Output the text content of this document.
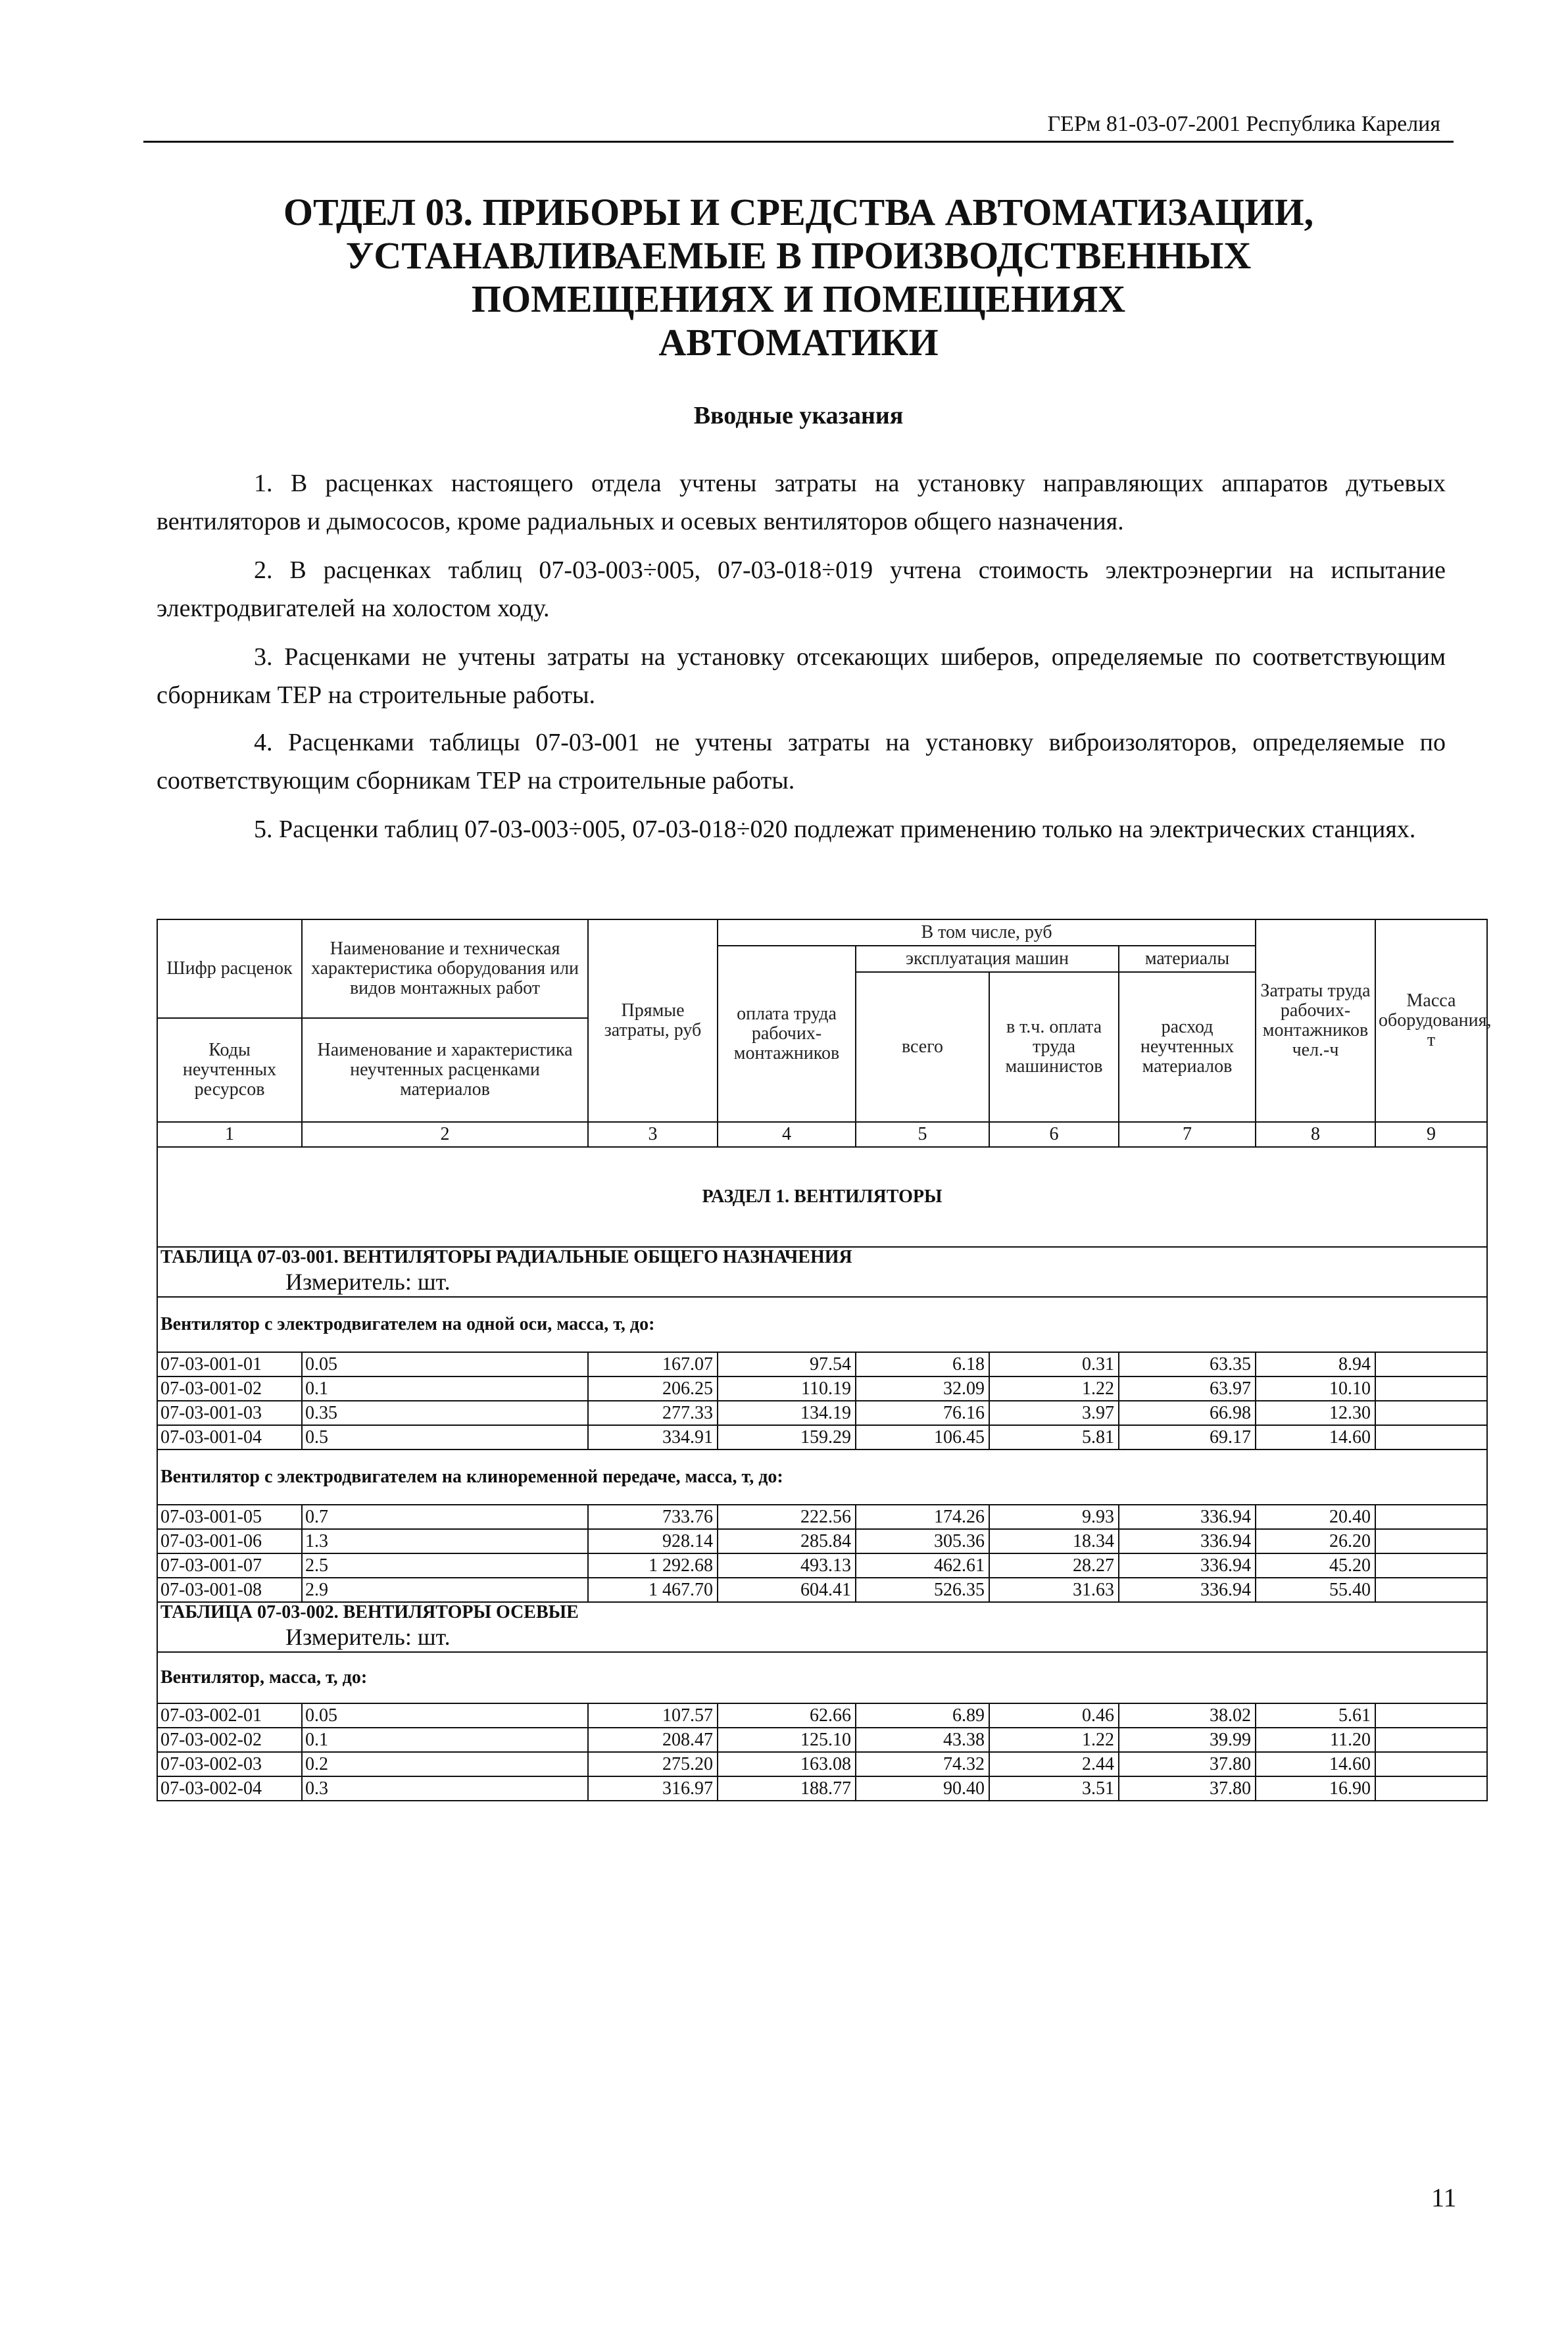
ГЕРм 81-03-07-2001 Республика Карелия
ОТДЕЛ 03. ПРИБОРЫ И СРЕДСТВА АВТОМАТИЗАЦИИ,
УСТАНАВЛИВАЕМЫЕ В ПРОИЗВОДСТВЕННЫХ
ПОМЕЩЕНИЯХ И ПОМЕЩЕНИЯХ
АВТОМАТИКИ
Вводные указания
1. В расценках настоящего отдела учтены затраты на установку направляющих аппаратов дутьевых вентиляторов и дымососов, кроме радиальных и осевых вентиляторов общего назначения.
2. В расценках таблиц 07-03-003÷005, 07-03-018÷019 учтена стоимость электроэнергии на испытание электродвигателей на холостом ходу.
3. Расценками не учтены затраты на установку отсекающих шиберов, определяемые по соответствующим сборникам ТЕР на строительные работы.
4. Расценками таблицы 07-03-001 не учтены затраты на установку виброизоляторов, определяемые по соответствующим сборникам ТЕР на строительные работы.
5. Расценки таблиц 07-03-003÷005, 07-03-018÷020 подлежат применению только на электрических станциях.
Шифр расценок	Наименование и техническая характеристика оборудования или видов монтажных работ	Прямые затраты, руб	В том числе, руб				Затраты труда рабочих-монтажников чел.-ч	Масса оборудования, т
			оплата труда рабочих-монтажников	эксплуатация машин		материалы		
				всего	в т.ч. оплата труда машинистов	расход неучтенных материалов		
Коды неучтенных ресурсов	Наименование и характеристика неучтенных расценками материалов							

1	2	3	4	5	6	7	8	9
РАЗДЕЛ 1. ВЕНТИЛЯТОРЫ								
ТАБЛИЦА 07-03-001. ВЕНТИЛЯТОРЫ РАДИАЛЬНЫЕ ОБЩЕГО НАЗНАЧЕНИЯ
Измеритель: шт.								

Вентилятор с электродвигателем на одной оси, масса, т, до:								
07-03-001-01	0.05	167.07	97.54	6.18	0.31	63.35	8.94	
07-03-001-02	0.1	206.25	110.19	32.09	1.22	63.97	10.10	
07-03-001-03	0.35	277.33	134.19	76.16	3.97	66.98	12.30	
07-03-001-04	0.5	334.91	159.29	106.45	5.81	69.17	14.60	
Вентилятор с электродвигателем на клиноременной передаче, масса, т, до:								
07-03-001-05	0.7	733.76	222.56	174.26	9.93	336.94	20.40	
07-03-001-06	1.3	928.14	285.84	305.36	18.34	336.94	26.20	
07-03-001-07	2.5	1 292.68	493.13	462.61	28.27	336.94	45.20	
07-03-001-08	2.9	1 467.70	604.41	526.35	31.63	336.94	55.40	
ТАБЛИЦА 07-03-002. ВЕНТИЛЯТОРЫ ОСЕВЫЕ
Измеритель: шт.								

Вентилятор, масса, т, до:								
07-03-002-01	0.05	107.57	62.66	6.89	0.46	38.02	5.61	
07-03-002-02	0.1	208.47	125.10	43.38	1.22	39.99	11.20	
07-03-002-03	0.2	275.20	163.08	74.32	2.44	37.80	14.60	
07-03-002-04	0.3	316.97	188.77	90.40	3.51	37.80	16.90	
11
